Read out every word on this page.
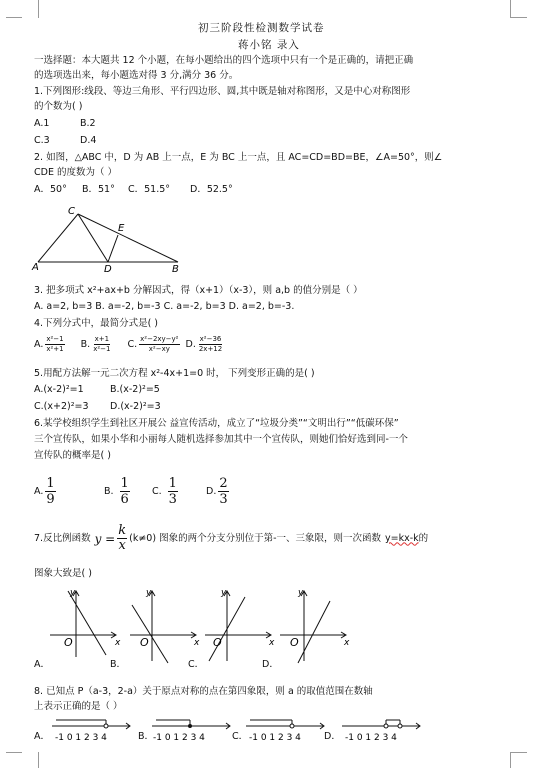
初三阶段性检测数学试卷
蒋小铭 录入
一选择题：本大题共 12 个小题，在每小题给出的四个选项中只有一个是正确的，请把正确
的选项选出来，每小题选对得 3 分,满分 36 分。
1.下列图形:线段、等边三角形、平行四边形、圆,其中既是轴对称图形，又是中心对称图形
的个数为( )
A.1	B.2
C.3	D.4
2. 如图，△ABC 中，D 为 AB 上一点，E 为 BC 上一点，且 AC=CD=BD=BE，∠A=50°，则∠
CDE 的度数为（ ）
A．50° B．51° C．51.5° D．52.5°
C
E
A	D	B
3. 把多项式 x²+ax+b 分解因式，得（x+1）（x-3），则 a,b 的值分别是（ ）
A. a=2, b=3 B. a=-2, b=-3 C. a=-2, b=3 D. a=2, b=-3.
4.下列分式中，最简分式是( )
A. $\frac{\text{x²−1}}{\text{x²+1}} B$. $\frac{x+1}{\text{x²−1}} C$. $\frac{\text{x²−2xy−y²}}{\text{x²−xy}} D$. $\frac{\text{x²−36}}{2x+12}$
5.用配方法解一元二次方程 x²-4x+1=0 时， 下列变形正确的是( )
A.(x-2)²=1	B.(x-2)²=5
C.(x+2)²=3 D.(x-2)²=3
6.某学校组织学生到社区开展公 益宣传活动，成立了“垃圾分类”“文明出行”“低碳环保”
三个宣传队，如果小华和小丽每人随机选择参加其中一个宣传队，则她们恰好选到同-一个
宣传队的概率是( )
A. $\frac{1}{9}$	B. $\frac{1}{6} C$. $\frac{1}{3}$	D. $\frac{2}{3}$
7.反比例函数 $y = \frac{k}{x} (k\ne 0)$ 图象的两个分支分别位于第-一、三象限，则一次函数 y=kx-k 的
图象大致是( )
y
x
O
y
x
O
y
x
O
y
x
O
A．	B．	C．	D．
8. 已知点 P（a-3，2-a）关于原点对称的点在第四象限，则 a 的取值范围在数轴
上表示正确的是（ ）
A． -1 0 1 2 3 4	B．
-1 0 1 2 3 4	C． -1 0 1 2 3 4 D． -1 0 1 2 3 4
